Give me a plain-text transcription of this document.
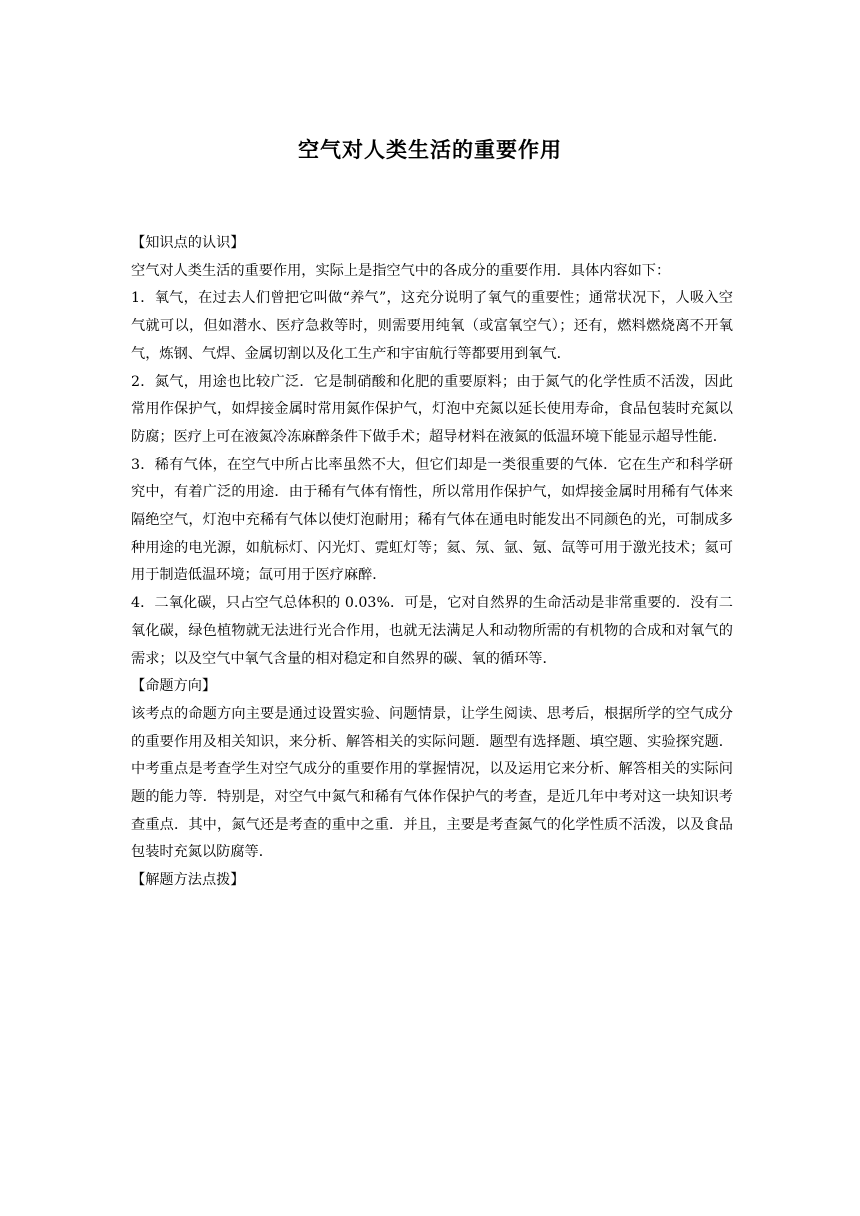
空气对人类生活的重要作用

【知识点的认识】

空气对人类生活的重要作用，实际上是指空气中的各成分的重要作用．具体内容如下：

1．氧气，在过去人们曾把它叫做“养气”，这充分说明了氧气的重要性；通常状况下，人吸入空气就可以，但如潜水、医疗急救等时，则需要用纯氧（或富氧空气）；还有，燃料燃烧离不开氧气，炼钢、气焊、金属切割以及化工生产和宇宙航行等都要用到氧气．

2．氮气，用途也比较广泛．它是制硝酸和化肥的重要原料；由于氮气的化学性质不活泼，因此常用作保护气，如焊接金属时常用氮作保护气，灯泡中充氮以延长使用寿命，食品包装时充氮以防腐；医疗上可在液氮冷冻麻醉条件下做手术；超导材料在液氮的低温环境下能显示超导性能．

3．稀有气体，在空气中所占比率虽然不大，但它们却是一类很重要的气体．它在生产和科学研究中，有着广泛的用途．由于稀有气体有惰性，所以常用作保护气，如焊接金属时用稀有气体来隔绝空气，灯泡中充稀有气体以使灯泡耐用；稀有气体在通电时能发出不同颜色的光，可制成多种用途的电光源，如航标灯、闪光灯、霓虹灯等；氦、氖、氩、氪、氙等可用于激光技术；氦可用于制造低温环境；氙可用于医疗麻醉．

4．二氧化碳，只占空气总体积的 0.03%．可是，它对自然界的生命活动是非常重要的．没有二氧化碳，绿色植物就无法进行光合作用，也就无法满足人和动物所需的有机物的合成和对氧气的需求；以及空气中氧气含量的相对稳定和自然界的碳、氧的循环等．

【命题方向】

该考点的命题方向主要是通过设置实验、问题情景，让学生阅读、思考后，根据所学的空气成分的重要作用及相关知识，来分析、解答相关的实际问题．题型有选择题、填空题、实验探究题．中考重点是考查学生对空气成分的重要作用的掌握情况，以及运用它来分析、解答相关的实际问题的能力等．特别是，对空气中氮气和稀有气体作保护气的考查，是近几年中考对这一块知识考查重点．其中，氮气还是考查的重中之重．并且，主要是考查氮气的化学性质不活泼，以及食品包装时充氮以防腐等．

【解题方法点拨】
